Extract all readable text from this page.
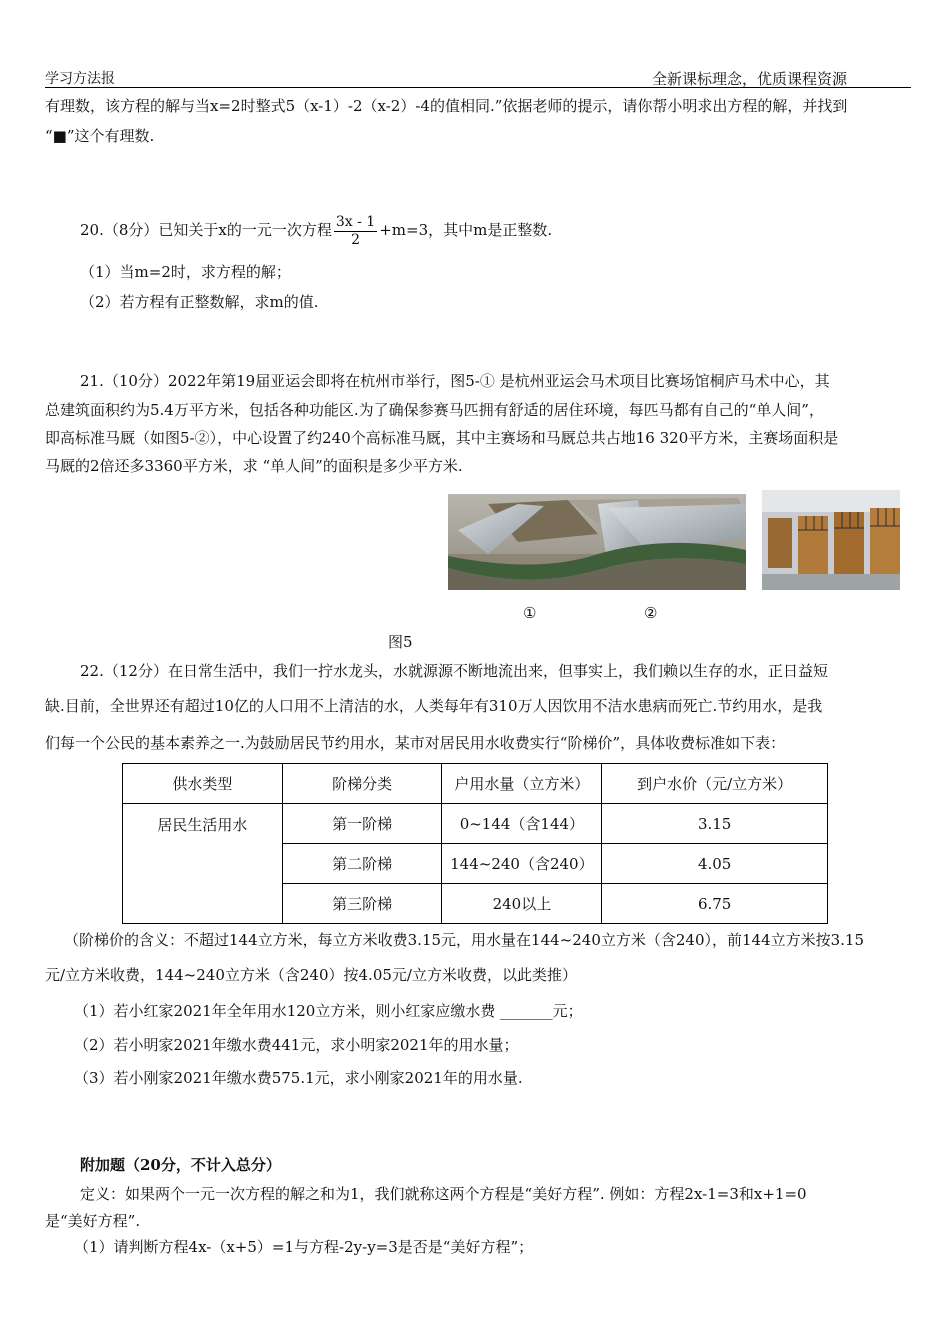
学习方法报	全新课标理念，优质课程资源
有理数，该方程的解与当x=2时整式5（x-1）-2（x-2）-4的值相同.”依据老师的提示，请你帮小明求出方程的解，并找到
“■”这个有理数.
20.（8分）已知关于x的一元一次方程 $\frac{3x - 1}{2} +m=3$，其中m是正整数.
（1）当m=2时，求方程的解；
（2）若方程有正整数解，求m的值.
21.（10分）2022年第19届亚运会即将在杭州市举行，图5-① 是杭州亚运会马术项目比赛场馆桐庐马术中心，其
总建筑面积约为5.4万平方米，包括各种功能区.为了确保参赛马匹拥有舒适的居住环境，每匹马都有自己的“单人间”，
即高标准马厩（如图5-②），中心设置了约240个高标准马厩，其中主赛场和马厩总共占地16 320平方米，主赛场面积是
马厩的2倍还多3360平方米，求 “单人间”的面积是多少平方米.
①	②
图5
22.（12分）在日常生活中，我们一拧水龙头，水就源源不断地流出来，但事实上，我们赖以生存的水，正日益短
缺.目前，全世界还有超过10亿的人口用不上清洁的水，人类每年有310万人因饮用不洁水患病而死亡.节约用水，是我
们每一个公民的基本素养之一.为鼓励居民节约用水，某市对居民用水收费实行“阶梯价”，具体收费标准如下表：
供水类型	阶梯分类	户用水量（立方米）	到户水价（元/立方米）
居民生活用水	第一阶梯	0~144（含144）	3.15
	第二阶梯	144~240（含240）	4.05
	第三阶梯	240以上	6.75
（阶梯价的含义：不超过144立方米，每立方米收费3.15元，用水量在144~240立方米（含240），前144立方米按3.15
元/立方米收费，144~240立方米（含240）按4.05元/立方米收费，以此类推）
（1）若小红家2021年全年用水120立方米，则小红家应缴水费 _______元；
（2）若小明家2021年缴水费441元，求小明家2021年的用水量；
（3）若小刚家2021年缴水费575.1元，求小刚家2021年的用水量.
附加题（20分，不计入总分）
定义：如果两个一元一次方程的解之和为1，我们就称这两个方程是“美好方程”. 例如：方程2x-1=3和x+1=0
是“美好方程”.
（1）请判断方程4x-（x+5）=1与方程-2y-y=3是否是“美好方程”；
